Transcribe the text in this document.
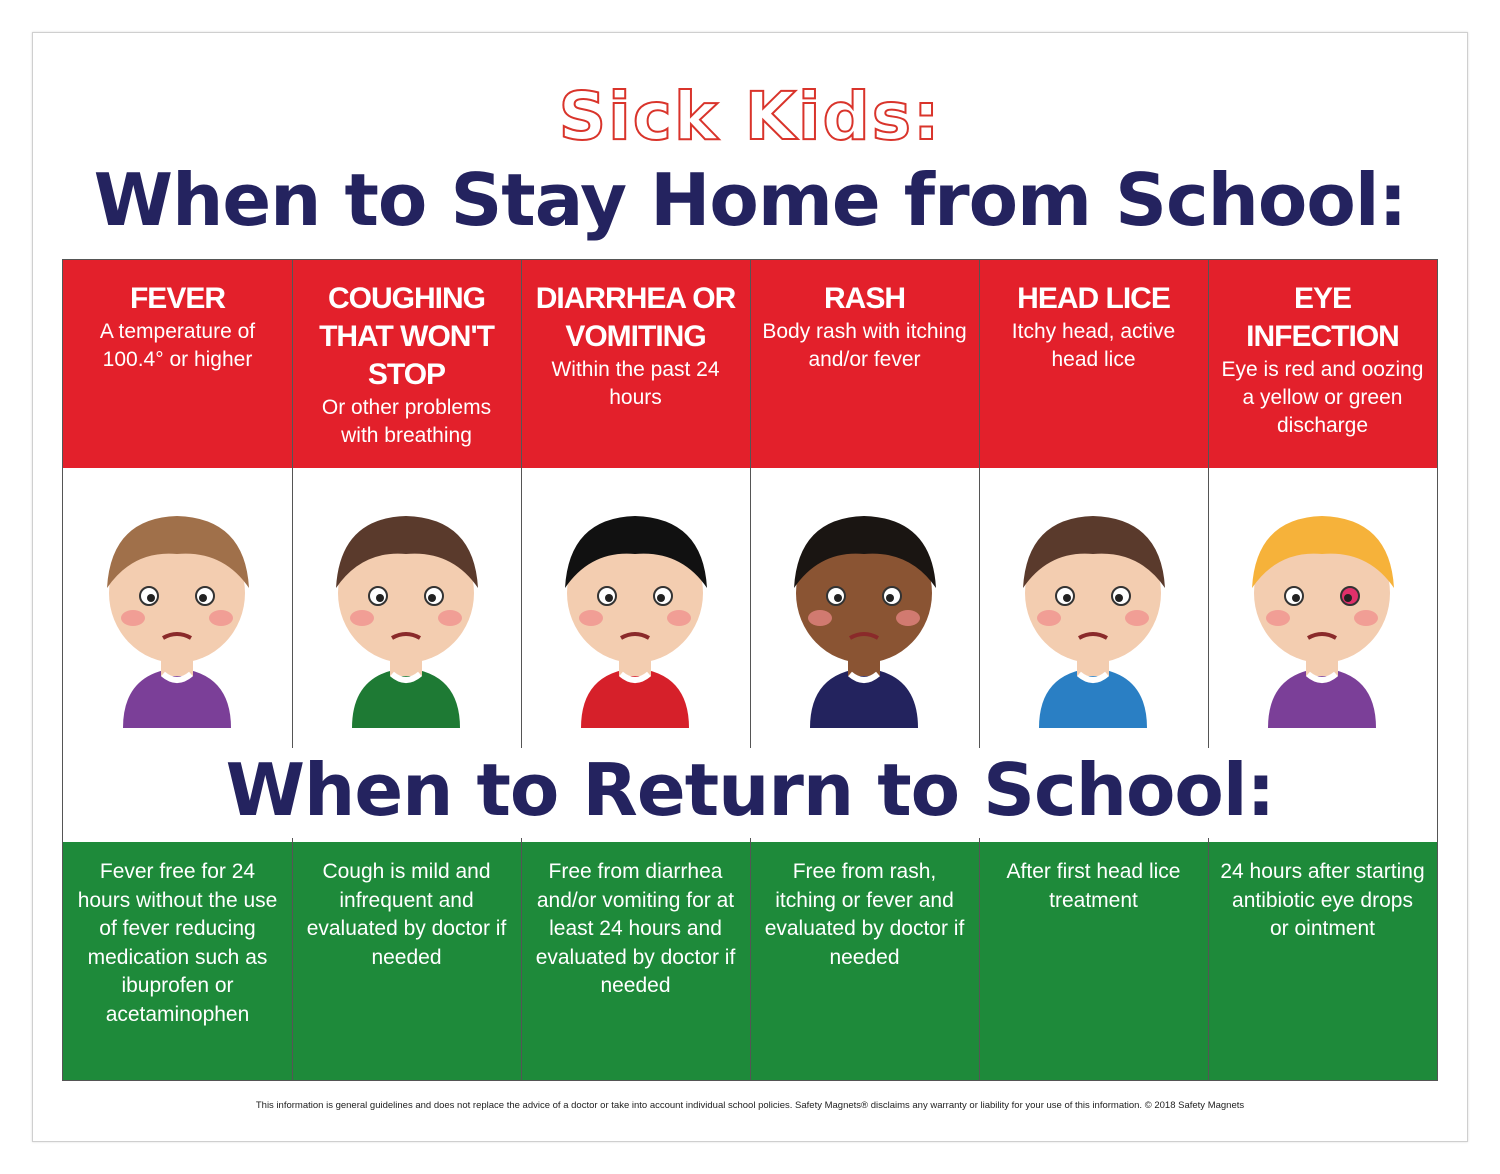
Sick Kids:
When to Stay Home from School:
FEVER
A temperature of 100.4° or higher
Fever free for 24 hours without the use of fever reducing medication such as ibuprofen or acetaminophen
COUGHING THAT WON'T STOP
Or other problems with breathing
Cough is mild and infrequent and evaluated by doctor if needed
DIARRHEA OR VOMITING
Within the past 24 hours
Free from diarrhea and/or vomiting for at least 24 hours and evaluated by doctor if needed
RASH
Body rash with itching and/or fever
Free from rash, itching or fever and evaluated by doctor if needed
HEAD LICE
Itchy head, active head lice
After first head lice treatment
EYE INFECTION
Eye is red and oozing a yellow or green discharge
24 hours after starting antibiotic eye drops or ointment
When to Return to School:
This information is general guidelines and does not replace the advice of a doctor or take into account individual school policies. Safety Magnets® disclaims any warranty or liability for your use of this information. © 2018 Safety Magnets
